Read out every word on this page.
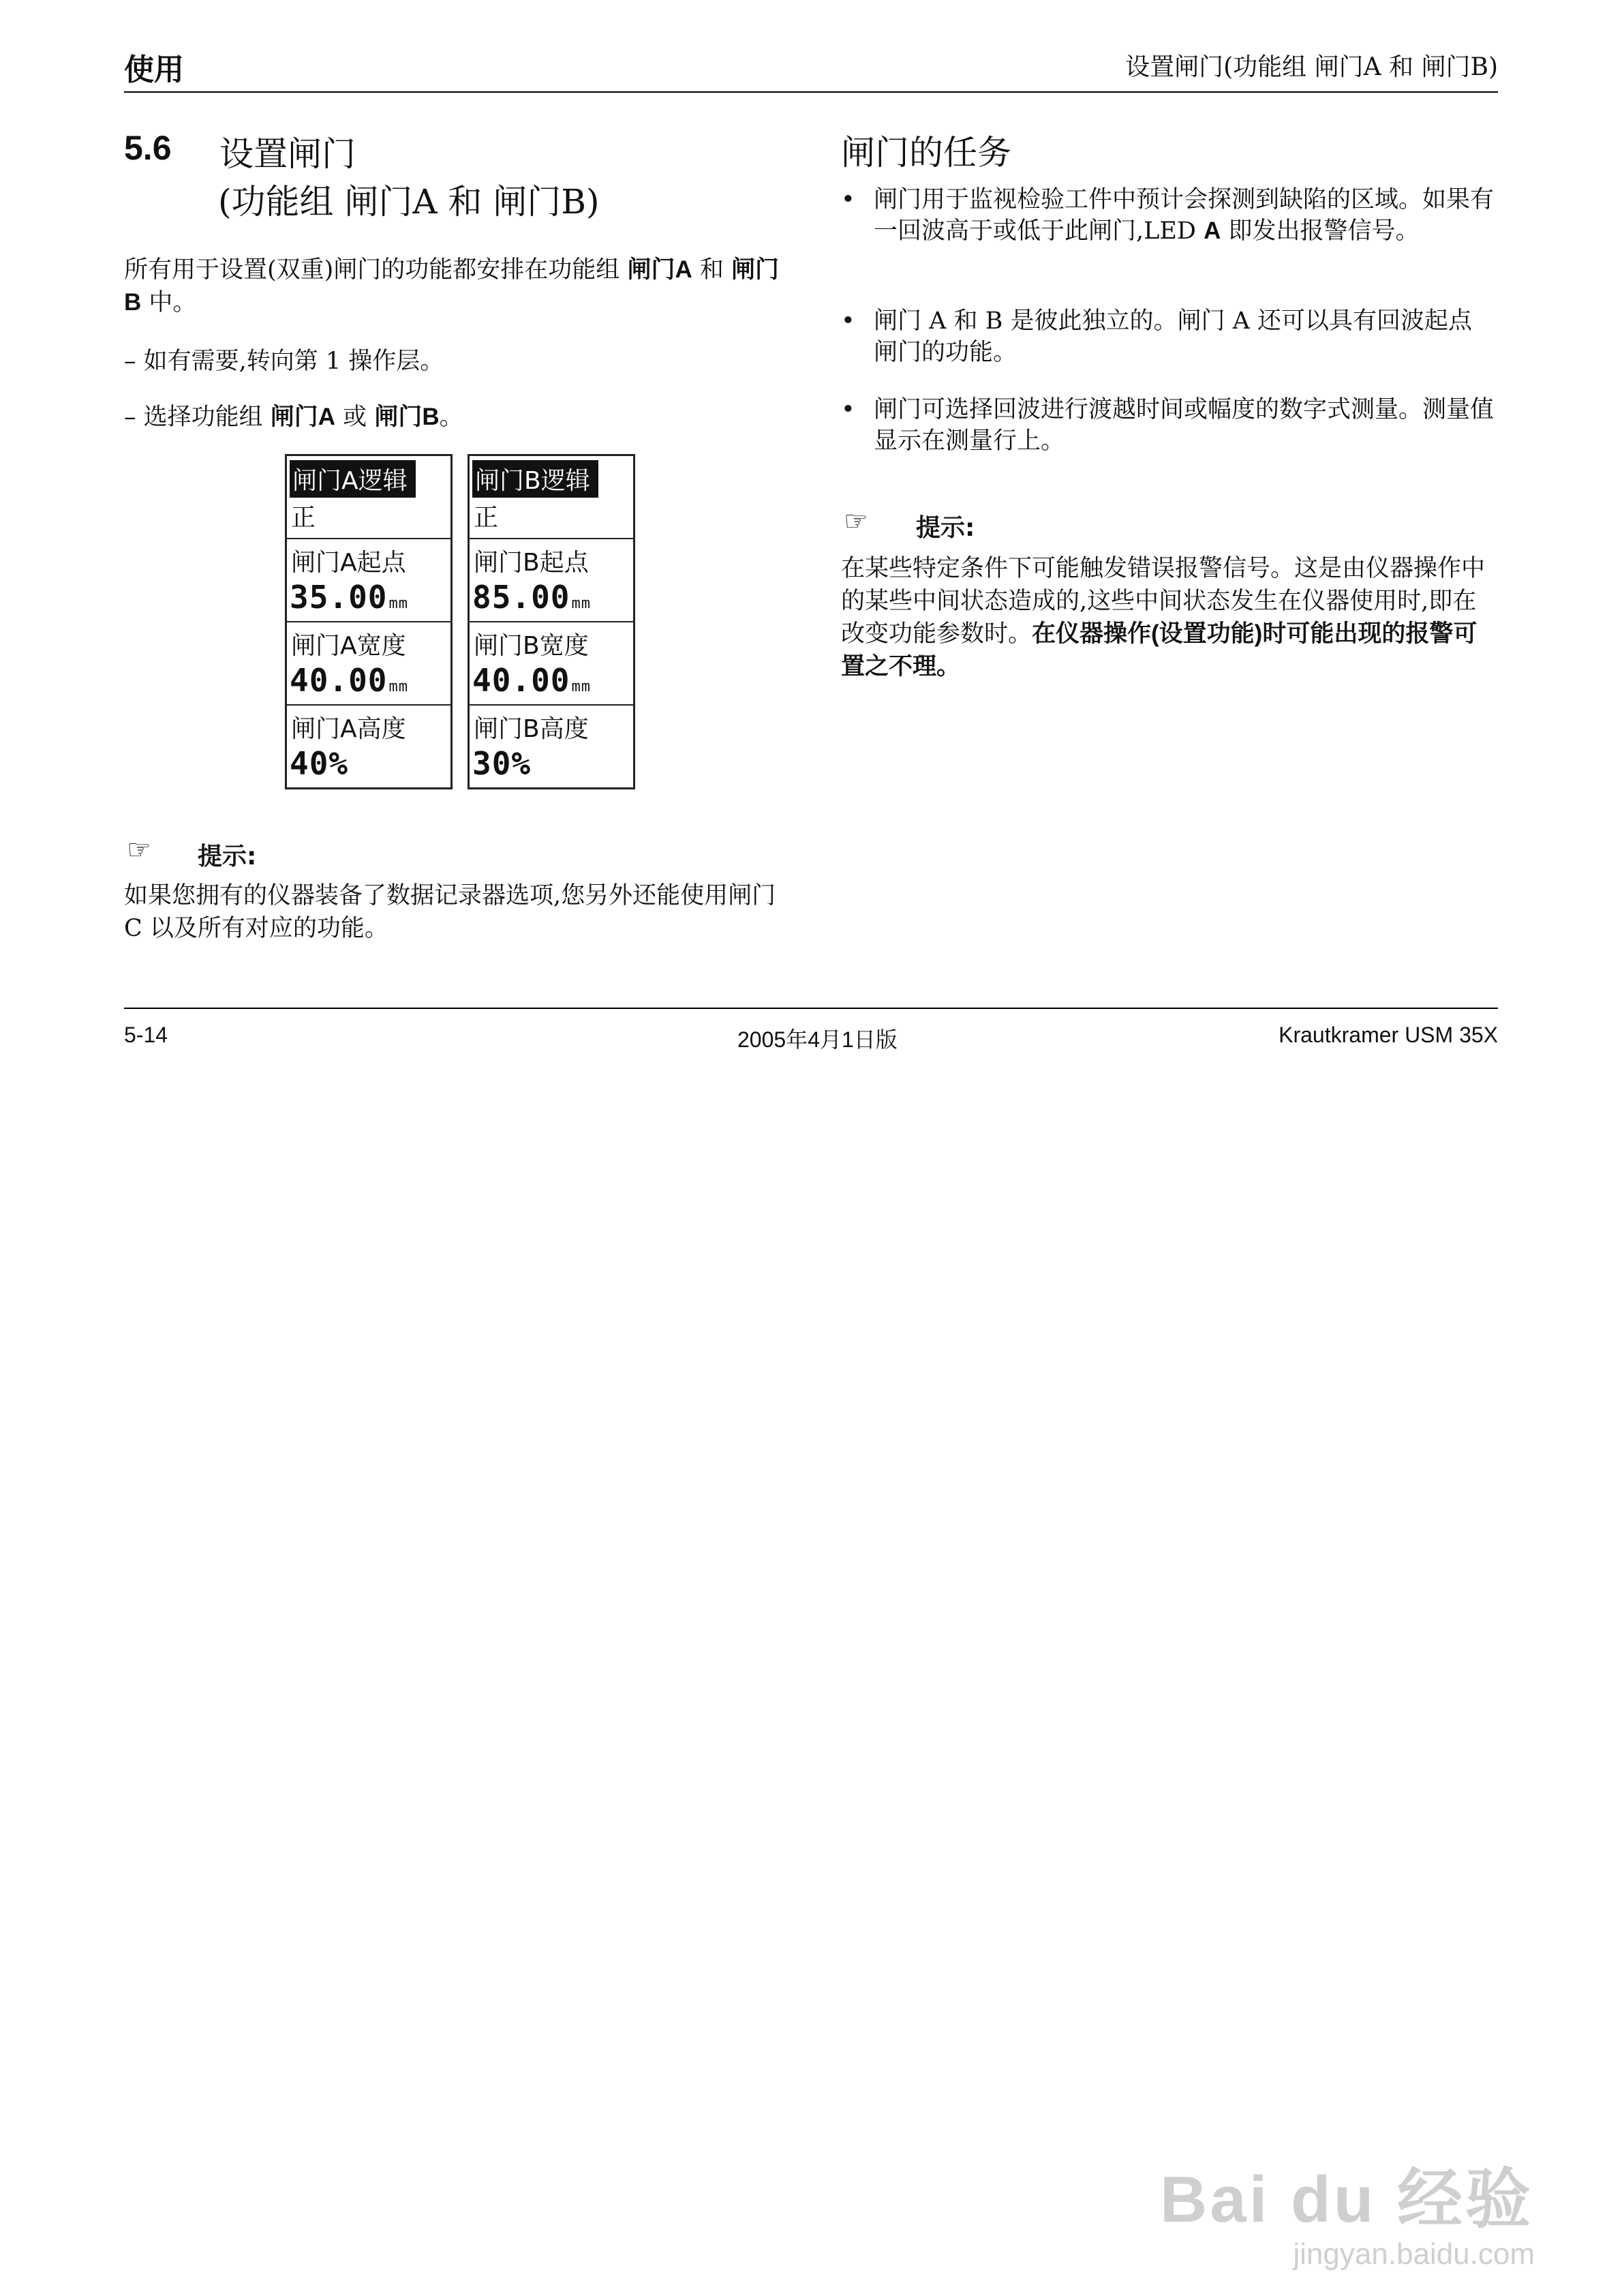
使用	设置闸门(功能组 闸门A 和 闸门B)
5.6 设置闸门
(功能组 闸门A 和 闸门B)
所有用于设置(双重)闸门的功能都安排在功能组 闸门A 和 闸门B 中。
– 如有需要,转向第 1 操作层。
– 选择功能组 闸门A 或 闸门B。
闸门A逻辑
正
闸门A起点
35.00mm
闸门A宽度
40.00mm
闸门A高度
40%
闸门B逻辑
正
闸门B起点
85.00mm
闸门B宽度
40.00mm
闸门B高度
30%
☞ 提示:
如果您拥有的仪器装备了数据记录器选项,您另外还能使用闸门 C 以及所有对应的功能。
闸门的任务
• 闸门用于监视检验工件中预计会探测到缺陷的区域。如果有一回波高于或低于此闸门,LED A 即发出报警信号。
• 闸门 A 和 B 是彼此独立的。闸门 A 还可以具有回波起点闸门的功能。
• 闸门可选择回波进行渡越时间或幅度的数字式测量。测量值显示在测量行上。
☞ 提示:
在某些特定条件下可能触发错误报警信号。这是由仪器操作中的某些中间状态造成的,这些中间状态发生在仪器使用时,即在改变功能参数时。在仪器操作(设置功能)时可能出现的报警可置之不理。
5-14	2005年4月1日版	Krautkramer USM 35X
Bai du 经验
jingyan.baidu.com
